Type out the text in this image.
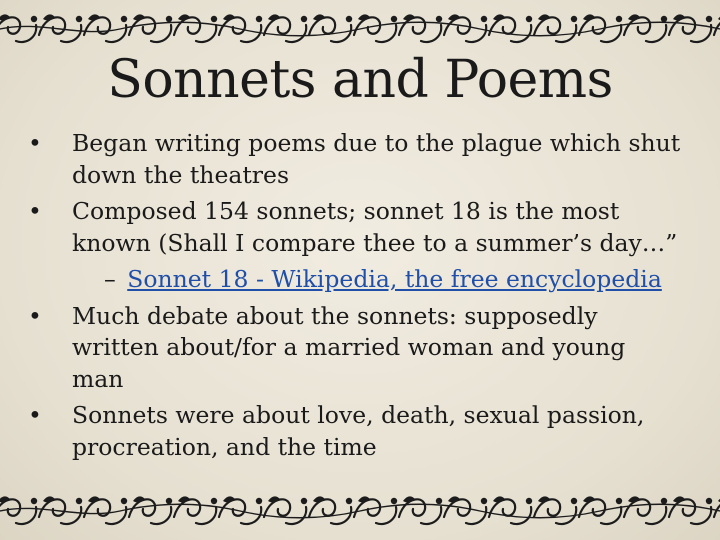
Sonnets and Poems
• Began writing poems due to the plague which shut down the theatres
• Composed 154 sonnets; sonnet 18 is the most known (Shall I compare thee to a summer’s day…”
– Sonnet 18 - Wikipedia, the free encyclopedia
• Much debate about the sonnets: supposedly written about/for a married woman and young man
• Sonnets were about love, death, sexual passion, procreation, and the time
